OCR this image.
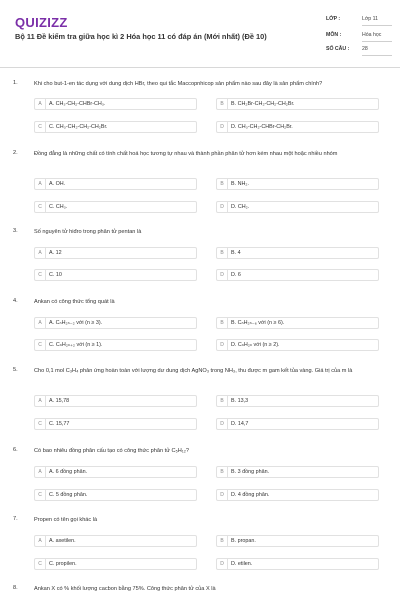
QUIZIZZ
Bộ 11 Đề kiểm tra giữa học kì 2 Hóa học 11 có đáp án (Mới nhất) (Đề 10)
LỚP :	Lớp 11
MÔN :	Hóa học
SỐ CÂU : 28
1.	Khi cho but-1-en tác dụng với dung dịch HBr, theo qui tắc Maccopnhicop sản phẩm nào sau đây là sản phẩm chính?
A	A. CH₃-CH₂-CHBr-CH₃.	B	B. CH₂Br-CH₂-CH₂-CH₂Br.
C	C. CH₃-CH₂-CH₂-CH₂Br.	D	D. CH₃-CH₂-CHBr-CH₂Br.
2.	Đồng đẳng là những chất có tính chất hoá học tương tự nhau và thành phần phân tử hơn kém nhau một hoặc nhiều nhóm
A	A. OH.	B	B. NH₂.
C	C. CH₃.	D	D. CH₂.
3.	Số nguyên tử hiđro trong phân tử pentan là
A	A. 12	B	B. 4
C	C. 10	D	D. 6
4.	Ankan có công thức tổng quát là
A	A. CₙH₂ₙ₋₂ với (n ≥ 3).	B	B. CₙH₂ₙ₋₆ với (n ≥ 6).
C	C. CₙH₂ₙ₊₂ với (n ≥ 1).	D	D. CₙH₂ₙ với (n ≥ 2).
5.	Cho 0,1 mol C₃H₄ phản ứng hoàn toàn với lượng dư dung dịch AgNO₃ trong NH₃, thu được m gam kết tủa vàng. Giá trị của m là
A	A. 15,78	B	B. 13,3
C	C. 15,77	D	D. 14,7
6.	Có bao nhiêu đồng phân cấu tạo có công thức phân tử C₅H₁₂?
A	A. 6 đồng phân.	B	B. 3 đồng phân.
C	C. 5 đồng phân.	D	D. 4 đồng phân.
7.	Propen có tên gọi khác là
A	A. axetilen.	B	B. propan.
C	C. propilen.	D	D. etilen.
8.	Ankan X có % khối lượng cacbon bằng 75%. Công thức phân tử của X là
